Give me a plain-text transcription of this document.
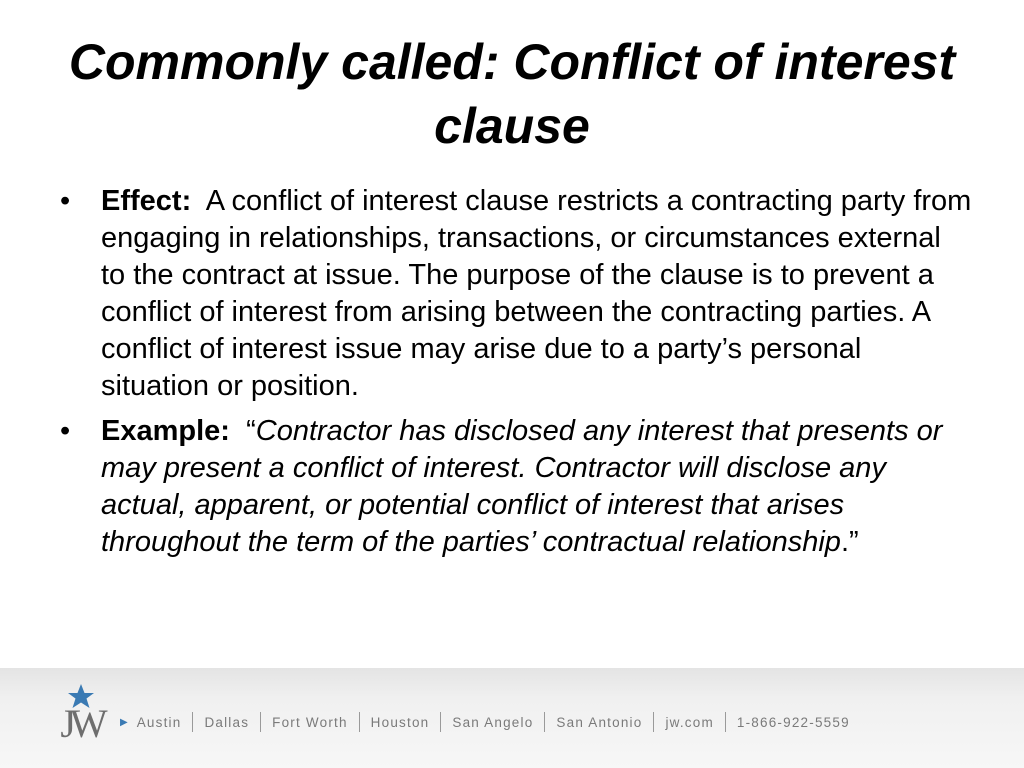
Commonly called: Conflict of interest clause
• Effect: A conflict of interest clause restricts a contracting party from engaging in relationships, transactions, or circumstances external to the contract at issue. The purpose of the clause is to prevent a conflict of interest from arising between the contracting parties. A conflict of interest issue may arise due to a party’s personal situation or position.
• Example: “Contractor has disclosed any interest that presents or may present a conflict of interest. Contractor will disclose any actual, apparent, or potential conflict of interest that arises throughout the term of the parties’ contractual relationship.”
JW	▶ Austin Dallas Fort Worth Houston San Angelo San Antonio jw.com 1-866-922-5559
